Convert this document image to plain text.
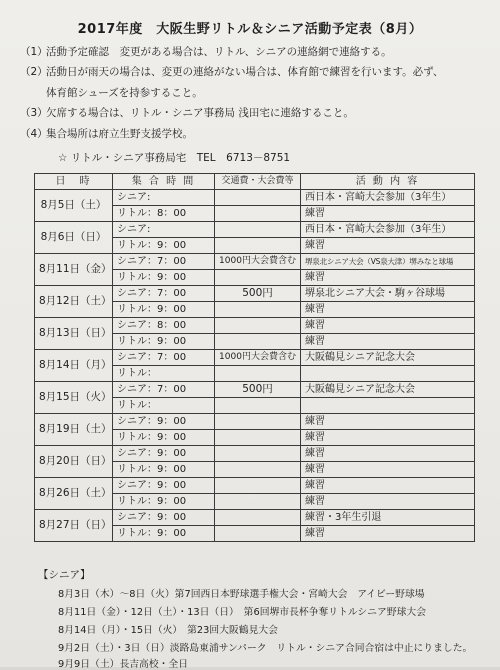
2017年度　大阪生野リトル＆シニア活動予定表（8月）
（1）活動予定確認　変更がある場合は、リトル、シニアの連絡網で連絡する。
（2）活動日が雨天の場合は、変更の連絡がない場合は、体育館で練習を行います。必ず、
体育館シューズを持参すること。
（3）欠席する場合は、リトル・シニア事務局 浅田宅に連絡すること。
（4）集合場所は府立生野支援学校。
☆ リトル・シニア事務局宅　TEL　6713－8751
日　時	集 合 時 間	交通費・大会費等	活 動 内 容
8月5日（土）	シニア:		西日本・宮崎大会参加（3年生）
	リトル：8：00		練習
8月6日（日）	シニア:		西日本・宮崎大会参加（3年生）
	リトル：9：00		練習
8月11日（金）	シニア：7：00	1000円大会費含む	堺泉北シニア大会（VS泉大津）堺みなと球場
	リトル：9：00		練習
8月12日（土）	シニア：7：00	500円	堺泉北シニア大会・駒ヶ谷球場
	リトル：9：00		練習
8月13日（日）	シニア：8：00		練習
	リトル：9：00		練習
8月14日（月）	シニア：7：00	1000円大会費含む	大阪鶴見シニア記念大会
	リトル：		
8月15日（火）	シニア：7：00	500円	大阪鶴見シニア記念大会
	リトル：		
8月19日（土）	シニア：9：00		練習
	リトル：9：00		練習
8月20日（日）	シニア：9：00		練習
	リトル：9：00		練習
8月26日（土）	シニア：9：00		練習
	リトル：9：00		練習
8月27日（日）	シニア：9：00		練習・3年生引退
	リトル：9：00		練習
【シニア】
8月3日（木）～8日（火）第7回西日本野球選手権大会・宮崎大会　アイビー野球場
8月11日（金）・12日（土）・13日（日）　第6回堺市長杯争奪リトルシニア野球大会
8月14日（月）・15日（火）　第23回大阪鶴見大会
9月2日（土）・3日（日）淡路島東浦サンパーク　リトル・シニア合同合宿は中止にりました。
9月9日（土）長吉高校・全日
